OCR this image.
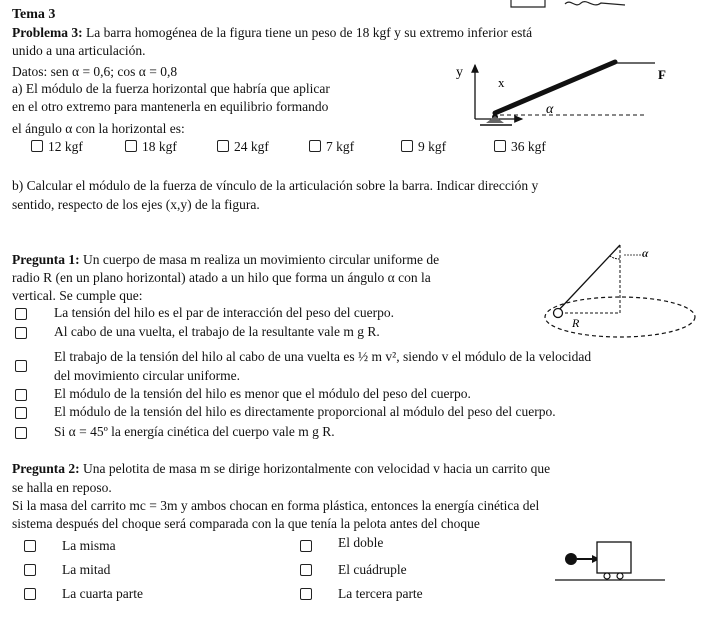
Tema 3
Problema 3: La barra homogénea de la figura tiene un peso de 18 kgf y su extremo inferior está
unido a una articulación.
Datos: sen α = 0,6; cos α = 0,8
a) El módulo de la fuerza horizontal que habría que aplicar
en el otro extremo para mantenerla en equilibrio formando
el ángulo α con la horizontal es:
12 kgf	18 kgf	24 kgf	7 kgf	9 kgf	36 kgf
y
x
F
α
b) Calcular el módulo de la fuerza de vínculo de la articulación sobre la barra. Indicar dirección y
sentido, respecto de los ejes (x,y) de la figura.
Pregunta 1: Un cuerpo de masa m realiza un movimiento circular uniforme de
radio R (en un plano horizontal) atado a un hilo que forma un ángulo α con la
vertical. Se cumple que:
La tensión del hilo es el par de interacción del peso del cuerpo.
Al cabo de una vuelta, el trabajo de la resultante vale m g R.
El trabajo de la tensión del hilo al cabo de una vuelta es ½ m v², siendo v el módulo de la velocidad
del movimiento circular uniforme.
El módulo de la tensión del hilo es menor que el módulo del peso del cuerpo.
El módulo de la tensión del hilo es directamente proporcional al módulo del peso del cuerpo.
Si α = 45º la energía cinética del cuerpo vale m g R.
α
R
Pregunta 2: Una pelotita de masa m se dirige horizontalmente con velocidad v hacia un carrito que
se halla en reposo.
Si la masa del carrito mc = 3m y ambos chocan en forma plástica, entonces la energía cinética del
sistema después del choque será comparada con la que tenía la pelota antes del choque
La misma
La mitad
La cuarta parte
El doble
El cuádruple
La tercera parte
